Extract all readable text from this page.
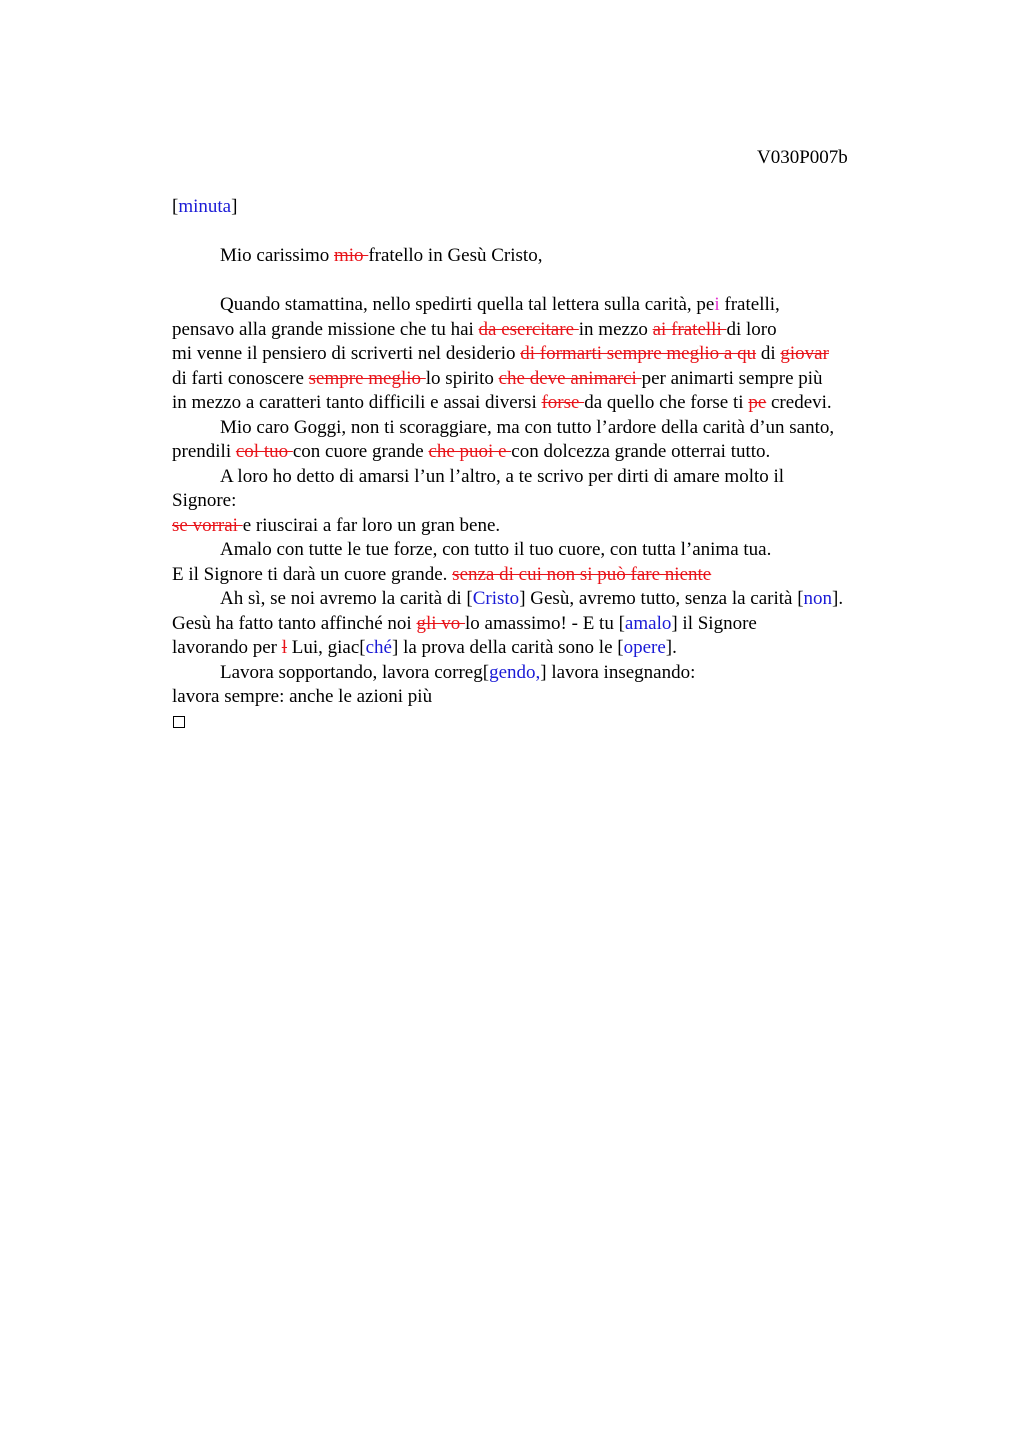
V030P007b
[minuta]
Mio carissimo mio fratello in Gesù Cristo,
Quando stamattina, nello spedirti quella tal lettera sulla carità, pei fratelli,
pensavo alla grande missione che tu hai da esercitare in mezzo ai fratelli di loro
mi venne il pensiero di scriverti nel desiderio di formarti sempre meglio a qu di giovar
di farti conoscere sempre meglio lo spirito che deve animarci per animarti sempre più
in mezzo a caratteri tanto difficili e assai diversi forse da quello che forse ti pe credevi.
Mio caro Goggi, non ti scoraggiare, ma con tutto l’ardore della carità d’un santo,
prendili col tuo con cuore grande che puoi e con dolcezza grande otterrai tutto.
A loro ho detto di amarsi l’un l’altro, a te scrivo per dirti di amare molto il
Signore:
se vorrai e riuscirai a far loro un gran bene.
Amalo con tutte le tue forze, con tutto il tuo cuore, con tutta l’anima tua.
E il Signore ti darà un cuore grande. senza di cui non si può fare niente
Ah sì, se noi avremo la carità di [Cristo] Gesù, avremo tutto, senza la carità [non].
Gesù ha fatto tanto affinché noi gli vo lo amassimo! - E tu [amalo] il Signore
lavorando per l Lui, giac[ché] la prova della carità sono le [opere].
Lavora sopportando, lavora correg[gendo,] lavora insegnando:
lavora sempre: anche le azioni più
